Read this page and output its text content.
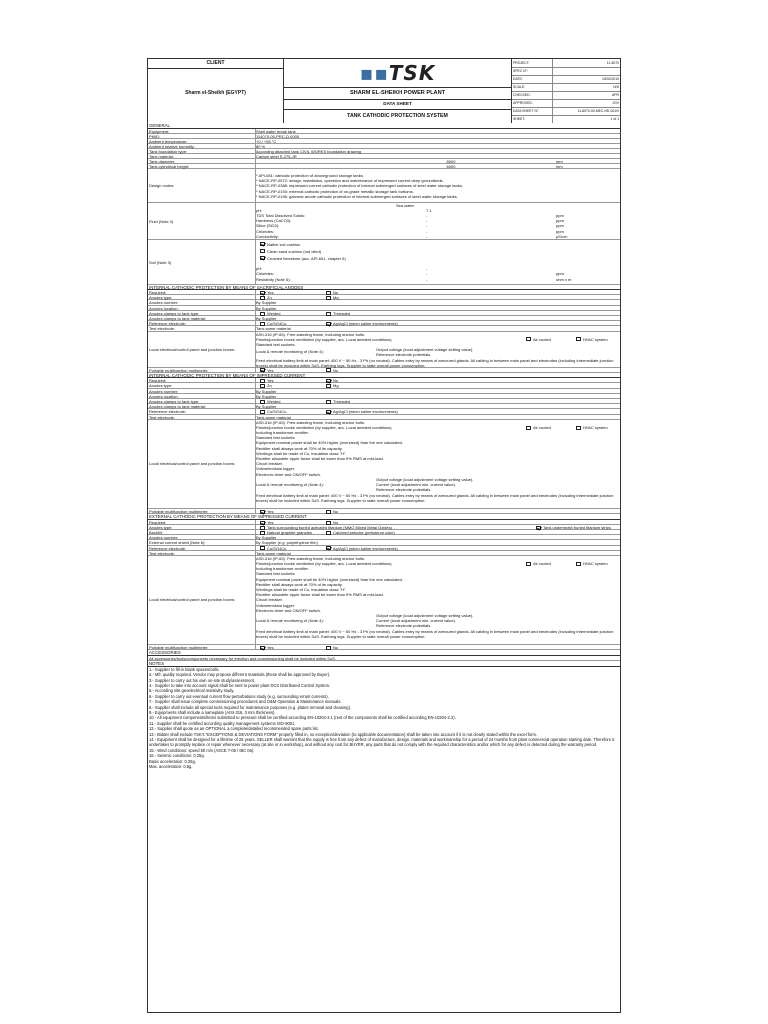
CLIENT
Sharm el-Sheikh (EGYPT)
▪▪TSK
SHARM EL-SHEIKH POWER PLANT
DATA SHEET
TANK CATHODIC PROTECTION SYSTEM
PROJECT:	11-8070
SPEC N°:
DATE:	15/02/2010
SCALE:	N/S
CHECKED:	APR
APPROVED:	JGV
DATA SHEET N°:	11-8070-00-MEC-HD-001/0
SHEET:	1 of 1
GENERAL
Equipment:	Shell water break tank
PMID:	114070-00-PRC-D-0005
Ambient temperature:	+0 / +55 °C
Ambient relative humidity:	80 %
Tank foundation type:	According attached tank CIVIL WORKS foundation drawing
Tank material:	Carbon steel S-275-JR
Tank diameter:	8000	mm
Tank cylindrical height:	6000	mm
Design codes:
* API-651: cathodic protection of aboveground storage tanks.
* NACE-RP-0572: design, installation, operation and maintenance of impressed current deep groundbeds.
* NACE-RP-0388: impressed current cathodic protection of internal submerged surfaces of steel water storage tanks.
* NACE-RP-0193: external cathodic protection of on-grade metallic storage tank bottoms.
* NACE-RP-0196: galvanic anode cathodic protection of internal submerged surfaces of steel water storage tanks.
Fluid (Note 3)
Sea water
pH:	7.1
TDS Total Dissolved Solids:	-	ppm
Hardness (CaCO3):	-	ppm
Silice (SiO2):	-	ppm
Chlorides:	-	ppm
Conductivity:	-	µS/cm
Soil (Note 3)
Native soil cushion
Clean sand cushion (not oiled)
Crushed limestone (acc. API-651, chapter 5)
pH:	-
Chlorides:	-	ppm
Resistivity (Note 5):	-	ohm x m
INTERNAL CATHODIC PROTECTION BY MEANS OF SACRIFICIAL ANODES
Required:	Yes	No
Anodes type:	Zn	Mg
Anodes number:	By Supplier
Anodes location:	By Supplier
Anodes clamps to tank type:	Welded	Threaded
Anodes clamps to tank material:	By Supplier
Reference electrode:	Cu/SO4Cu	Ag/AgCl (when saline environments)
Test electrode:	Tank same material
Local electrical/control panel and junction boxes:
AISI-316 (IP-65). Free-standing frame, including anchor bolts.
Panels/junction boxes ventilation (by supplier, acc. Local ambient conditions)	Air cooled	HVAC system
Standard test sockets.
Local & remote monitoring of (Note 4):	Output voltage (local adjustment voltage setting value).
Reference electrode potentials.
Feed electrical battery limit at main panel: 400 V ~ 50 Hz - 3 Ph (no neutral). Cables entry by means of armoured glands. All cabling in between main panel and electrodes (including intermediate junction boxes) shall be included within SoS. Earthing lugs. Supplier to state overall power consumption.
Portable multifunction multimeter:	Yes	No
INTERNAL CATHODIC PROTECTION BY MEANS OF IMPRESSED CURRENT
Required:	Yes	No
Anodes type:	Zn	Mg
Anodes number:	By Supplier
Anodes location:	By Supplier
Anodes clamps to tank type:	Welded	Threaded
Anodes clamps to tank material:	By Supplier
Reference electrode:	Cu/SO4Cu	Ag/AgCl (when saline environments)
Test electrode:	Tank same material
Local electrical/control panel and junction boxes:
AISI-316 (IP-65). Free-standing frame, including anchor bolts.
Panels/junction boxes ventilation (by supplier, acc. Local ambient conditions)
Including transformer-rectifier.
Standard test sockets.
Equipment nominal power shall be 40% higher (oversized) than the one calculated.
Rectifier shall always work at 70% of its capacity.
Windings shall be made of Cu, insulation class "H".
Rectifier allowable ripple factor shall be lower than 5% RMS at mid-load.
Circuit breaker.
Voltmeter/data logger.
Electronic timer and ON/OFF switch.
Air cooled	HVAC system
Local & remote monitoring of (Note 4):
Output voltage (local adjustment voltage setting value).
Current (local adjustment min. current value).
Reference electrode potentials.
Feed electrical battery limit at main panel: 400 V ~ 50 Hz - 3 Ph (no neutral). Cables entry by means of armoured glands. All cabling in between main panel and electrodes (including intermediate junction boxes) shall be included within SoS. Earthing lugs. Supplier to state overall power consumption.
Portable multifunction multimeter:	Yes	No
EXTERNAL CATHODIC PROTECTION BY MEANS OF IMPRESSED CURRENT
Required:	Yes	No
Anodes type:	Tank surrounding buried activated titanium (MMO Mixed Metal Oxides)	Tank underneath buried titanium strips
Backfill:	Natural graphite granules	Calcined petcoke (petroleum coke)
Anodes number:	By Supplier
External current shield (Note 6):	By Supplier (e.g. polyethylene film)
Reference electrode:	Cu/SO4Cu	Ag/AgCl (when saline environments)
Test electrode:	Tank same material
Local electrical/control panel and junction boxes:
AISI-316 (IP-65). Free-standing frame, including anchor bolts.
Panels/junction boxes ventilation (by supplier, acc. Local ambient conditions)
Including transformer-rectifier.
Standard test sockets.
Equipment nominal power shall be 40% higher (oversized) than the one calculated.
Rectifier shall always work at 70% of its capacity.
Windings shall be made of Cu, insulation class "H".
Rectifier allowable ripple factor shall be lower than 5% RMS at mid-load.
Circuit breaker.
Voltmeter/data logger.
Electronic timer and ON/OFF switch.
Air cooled	HVAC system
Local & remote monitoring of (Note 4):
Output voltage (local adjustment voltage setting value).
Current (local adjustment min. current value).
Reference electrode potentials.
Feed electrical battery limit at main panel: 400 V ~ 50 Hz - 3 Ph (no neutral). Cables entry by means of armoured glands. All cabling in between main panel and electrodes (including intermediate junction boxes) shall be included within SoS. Earthing lugs. Supplier to state overall power consumption.
Portable multifunction multimeter:	Yes	No
ACCESSORIES
All accessories/tools/components necessary for erection and commissioning shall be included within SoS.
NOTES
1.- Supplier to fill-in blank spaces/cells.
2.- Mfr. quality required. Vendor may propose different materials (these shall be approved by Buyer).
3.- Supplier to carry out his own on-site study/assessment.
4.- Supplier to take into account signal shall be sent to power plant DCS Distributed Control System.
5.- According site geoelectrical resistivity study.
6.- Supplier to carry out eventual current flow perturbations study (e.g. surrounding errant currents).
7.- Supplier shall issue complete commissioning procedures and O&M Operation & Maintenance manuals.
8.- Supplier shall include all special tools required for maintenance purposes (e.g. plates removal and cleaning).
9.- Equipments shall include a nameplate (AISI-316, 3 mm thickness).
10.- All equipment components/items submitted to pressure shall be certified according EN-10204-3.1 (rest of the components shall be certified according EN-10204-2.2).
11.- Supplier shall be certified according quality management systems ISO-9001.
12.- Supplier shall quote as an OPTIONAL a complete/detailed recommended spare parts list.
13.- Bidder shall include TSK's "EXCEPTIONS & DEVIATIONS FORM" properly filled in, no exception/deviation (to applicable documentation) shall be taken into account if it is not clearly stated within the excel form.
14.- Equipment shall be designed for a lifetime of 25 years. SELLER shall warrant that the supply is free from any defect of manufacture, design, materials and workmanship for a period of 24 months from plant commercial operation starting date. Therefore it undertakes to promptly replace or repair whenever necessary (at site or in workshop), and without any cost for BUYER, any parts that do not comply with the required characteristics and/or which for any defect is detected during the warranty period.
15.- Wind conditions: speed 50 m/s (ASCE 7-05 / IBC 06).
16.- Seismic conditions: 0.25g.
Basic acceleration: 0.25g.
Max. acceleration: 0.6g.
